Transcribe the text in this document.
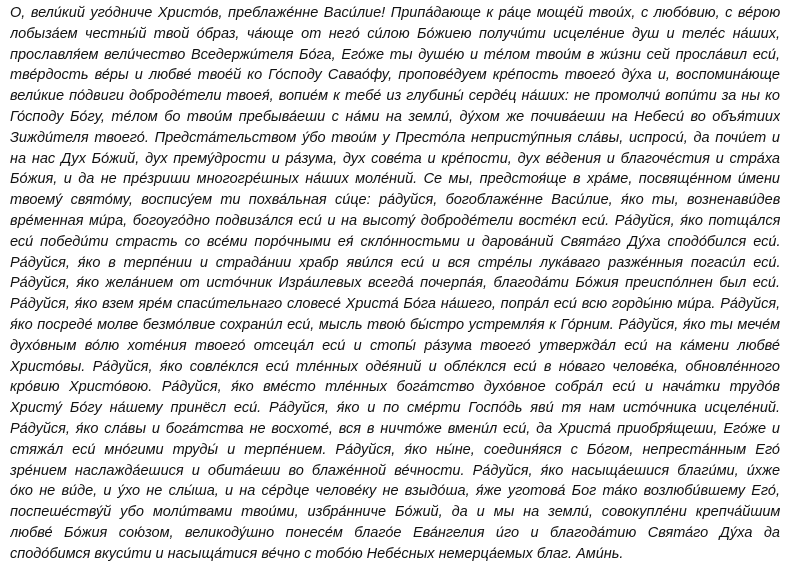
О, вели́кий уго́дниче Христо́в, преблаже́нне Васи́лие! Припа́дающе к ра́це моще́й твои́х, с любо́вию, с ве́рою
лобыза́ем честны́й твой о́браз, ча́юще от него́ си́лою Бо́жиею получи́ти исцеле́ние душ и теле́с на́ших,
прославля́ем вели́чество Вседержи́теля Бо́га, Его́же ты душе́ю и те́лом твои́м в жи́зни сей просла́вил еси́,
тве́рдость ве́ры и любве́ твое́й ко Го́споду Савао́фу, пропове́дуем кре́пость твоего́ ду́ха и, воспомина́юще
вели́кие по́двиги доброде́тели твоея́, вопие́м к тебе́ из глубины́ серде́ц на́ших: не промолчи́ вопи́ти за ны ко
Го́споду Бо́гу, те́лом бо твои́м пребыва́еши с на́ми на земли́, ду́хом же почива́еши на Небеси́ во объя́тиих
Зижди́теля твоего́. Предста́тельством у́бо твои́м у Престо́ла непристу́пныя сла́вы, испроси́, да почи́ет и
на нас Дух Бо́жий, дух прему́дрости и ра́зума, дух сове́та и кре́пости, дух ве́дения и благоче́стия и стра́ха
Бо́жия, и да не пре́зриши многогре́шных на́ших моле́ний. Се мы, предстоя́ще в хра́ме, посвяще́нном и́мени
твоему́ свято́му, воспису́ем ти похва́льная си́це: ра́дуйся, богоблаже́нне Васи́лие, я́ко ты, возненави́дев
вре́менная ми́ра, богоуго́дно подвиза́лся еси́ и на высоту́ доброде́тели восте́кл еси́. Ра́дуйся, я́ко потща́лся
еси́ победи́ти страсть со все́ми поро́чными ея́ скло́нностьми и дарова́ний Свята́го Ду́ха сподо́бился еси́.
Ра́дуйся, я́ко в терпе́нии и страда́нии храбр яви́лся еси́ и вся стре́лы лука́ваго разже́нныя погаси́л еси́.
Ра́дуйся, я́ко жела́нием от исто́чник Изра́илевых всегда́ почерпа́я, благода́ти Бо́жия преиспо́лнен был еси́.
Ра́дуйся, я́ко взем яре́м спаси́тельнаго словесе́ Христа́ Бо́га на́шего, попра́л еси́ всю горды́ню ми́ра. Ра́дуйся,
я́ко посреде́ молве безмо́лвие сохрани́л еси́, мысль твою́ бы́стро устремля́я к Го́рним. Ра́дуйся, я́ко ты мече́м
духо́вным во́лю хоте́ния твоего́ отсеца́л еси́ и стопы́ ра́зума твоего́ утвержда́л еси́ на ка́мени любве́
Христо́вы. Ра́дуйся, я́ко совле́клся еси́ тле́нных оде́яний и обле́клся еси́ в но́ваго челове́ка, обновле́нного
кро́вию Христо́вою. Ра́дуйся, я́ко вме́сто тле́нных бога́тство духо́вное собра́л еси́ и нача́тки трудо́в
Христу́ Бо́гу на́шему принёсл еси́. Ра́дуйся, я́ко и по сме́рти Госпо́дь яви́ тя нам исто́чника исцеле́ний.
Ра́дуйся, я́ко сла́вы и бога́тства не восхоте́, вся в ничто́же вмени́л еси́, да Христа́ приобря́щеши, Его́же и
стяжа́л еси́ мно́гими труды́ и терпе́нием. Ра́дуйся, я́ко ны́не, соединя́яся с Бо́гом, непреста́нным Его́
зре́нием наслажда́ешися и обита́еши во блаже́нной ве́чности. Ра́дуйся, я́ко насыща́ешися благи́ми, и́хже
о́ко не ви́де, и у́хо не слы́ша, и на се́рдце челове́ку не взыдо́ша, я́же уготова́ Бог та́ко возлюби́вшему Его́,
поспеше́ству́й убо моли́твами твои́ми, избра́нниче Бо́жий, да и мы на земли́, совокупле́ни крепча́йшим
любве́ Бо́жия сою́зом, великоду́шно понесе́м благо́е Ева́нгелия и́го и благода́тию Свята́го Ду́ха да
сподо́бимся вкуси́ти и насыща́тися ве́чно с тобо́ю Небе́сных немерца́емых благ. Ами́нь.
